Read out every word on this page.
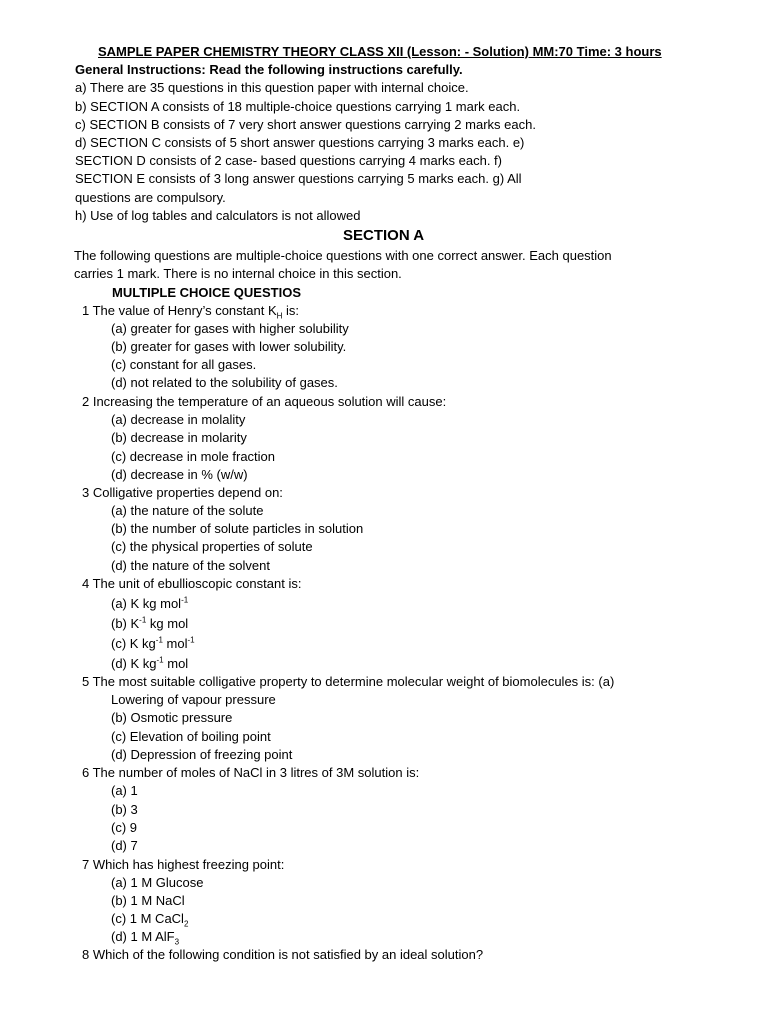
SAMPLE PAPER CHEMISTRY THEORY CLASS XII (Lesson: - Solution) MM:70 Time: 3 hours
General Instructions: Read the following instructions carefully.
a) There are 35 questions in this question paper with internal choice.
b) SECTION A consists of 18 multiple-choice questions carrying 1 mark each.
c) SECTION B consists of 7 very short answer questions carrying 2 marks each.
d) SECTION C consists of 5 short answer questions carrying 3 marks each. e)
SECTION D consists of 2 case- based questions carrying 4 marks each. f)
SECTION E consists of 3 long answer questions carrying 5 marks each. g) All
questions are compulsory.
h) Use of log tables and calculators is not allowed
SECTION A
The following questions are multiple-choice questions with one correct answer. Each question
carries 1 mark. There is no internal choice in this section.
MULTIPLE CHOICE QUESTIOS
1 The value of Henry’s constant $K_H$ is:
(a) greater for gases with higher solubility
(b) greater for gases with lower solubility.
(c) constant for all gases.
(d) not related to the solubility of gases.
2 Increasing the temperature of an aqueous solution will cause:
(a) decrease in molality
(b) decrease in molarity
(c) decrease in mole fraction
(d) decrease in % (w/w)
3 Colligative properties depend on:
(a) the nature of the solute
(b) the number of solute particles in solution
(c) the physical properties of solute
(d) the nature of the solvent
4 The unit of ebullioscopic constant is:
(a) K kg mol$^{-1}$
(b) $K^{-1}$ kg mol
(c) K $kg^{-1}$ mol$^{-1}$
(d) K $kg^{-1}$ mol
5 The most suitable colligative property to determine molecular weight of biomolecules is: (a)
Lowering of vapour pressure
(b) Osmotic pressure
(c) Elevation of boiling point
(d) Depression of freezing point
6 The number of moles of NaCl in 3 litres of 3M solution is:
(a) 1
(b) 3
(c) 9
(d) 7
7 Which has highest freezing point:
(a) 1 M Glucose
(b) 1 M NaCl
(c) 1 M CaCl$_2$
(d) 1 M AlF$_3$
8 Which of the following condition is not satisfied by an ideal solution?
